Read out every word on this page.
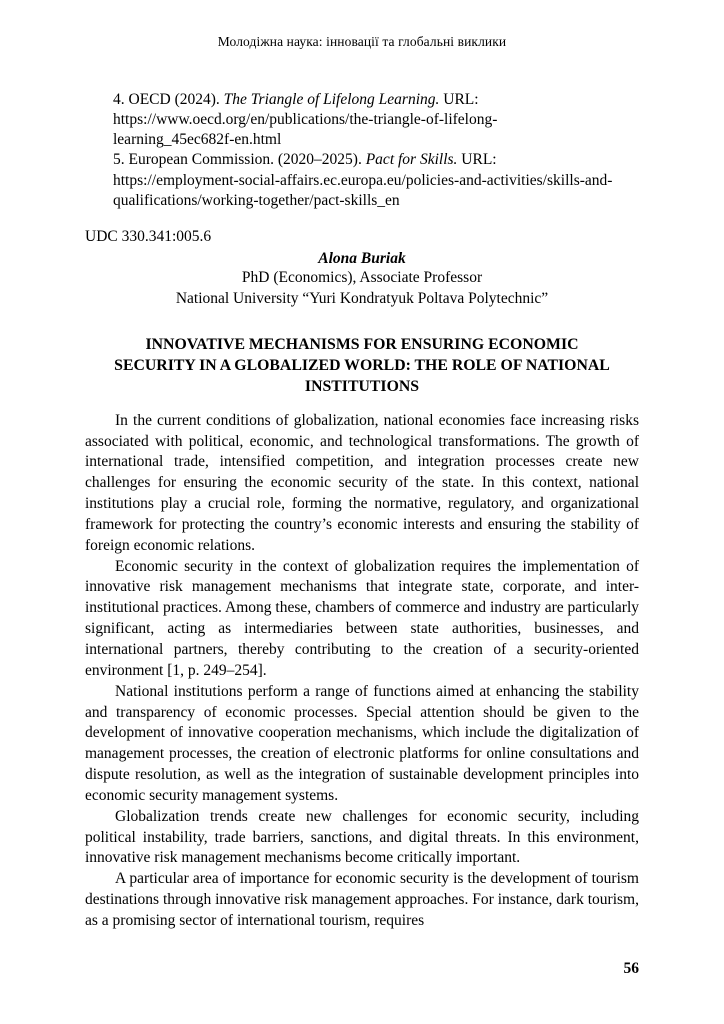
Молодіжна наука: інновації та глобальні виклики
4. OECD (2024). The Triangle of Lifelong Learning. URL:
https://www.oecd.org/en/publications/the-triangle-of-lifelong-
learning_45ec682f-en.html
5. European Commission. (2020–2025). Pact for Skills. URL:
https://employment-social-affairs.ec.europa.eu/policies-and-activities/skills-and-
qualifications/working-together/pact-skills_en
UDC 330.341:005.6
Alona Buriak
PhD (Economics), Associate Professor
National University “Yuri Kondratyuk Poltava Polytechnic”
INNOVATIVE MECHANISMS FOR ENSURING ECONOMIC
SECURITY IN A GLOBALIZED WORLD: THE ROLE OF NATIONAL
INSTITUTIONS

In the current conditions of globalization, national economies face increasing risks associated with political, economic, and technological transformations. The growth of international trade, intensified competition, and integration processes create new challenges for ensuring the economic security of the state. In this context, national institutions play a crucial role, forming the normative, regulatory, and organizational framework for protecting the country’s economic interests and ensuring the stability of foreign economic relations.

Economic security in the context of globalization requires the implementation of innovative risk management mechanisms that integrate state, corporate, and inter-institutional practices. Among these, chambers of commerce and industry are particularly significant, acting as intermediaries between state authorities, businesses, and international partners, thereby contributing to the creation of a security-oriented environment [1, p. 249–254].

National institutions perform a range of functions aimed at enhancing the stability and transparency of economic processes. Special attention should be given to the development of innovative cooperation mechanisms, which include the digitalization of management processes, the creation of electronic platforms for online consultations and dispute resolution, as well as the integration of sustainable development principles into economic security management systems.

Globalization trends create new challenges for economic security, including political instability, trade barriers, sanctions, and digital threats. In this environment, innovative risk management mechanisms become critically important.

A particular area of importance for economic security is the development of tourism destinations through innovative risk management approaches. For instance, dark tourism, as a promising sector of international tourism, requires

56
